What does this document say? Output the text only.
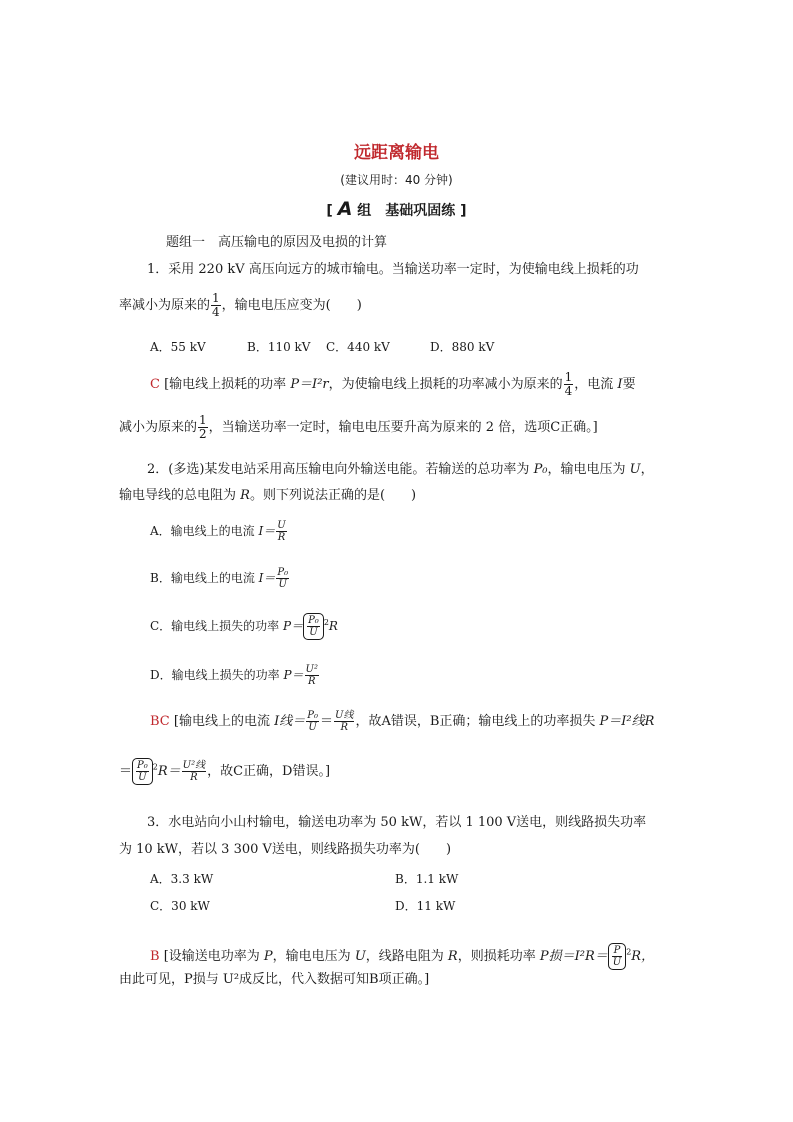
远距离输电
(建议用时：40 分钟)
[ A 组　基础巩固练 ]
题组一　高压输电的原因及电损的计算
1．采用 220 kV 高压向远方的城市输电。当输送功率一定时，为使输电线上损耗的功
率减小为原来的 $\frac{1}{4}$ ，输电电压应变为(　　)
A．55 kV	B．110 kV C．440 kV	D．880 kV
C [输电线上损耗的功率 P＝I²r，为使输电线上损耗的功率减小为原来的 $\frac{1}{4}$ ，电流 I要
减小为原来的 $\frac{1}{2}$ ，当输送功率一定时，输电电压要升高为原来的 2 倍，选项C正确。]
2．(多选)某发电站采用高压输电向外输送电能。若输送的总功率为 P₀，输电电压为 U，
输电导线的总电阻为 R。则下列说法正确的是(　　)
A．输电线上的电流 $I= \frac{U}{R}$
B．输电线上的电流 $I= \frac{\text{P₀}}{U}$
C．输电线上损失的功率 $P= \frac{\text{P₀}}{U} ^2R$
D．输电线上损失的功率 $P= \frac{\text{U²}}{R}$
BC [输电线上的电流 I线＝ $\frac{\text{P₀}}{U} = \frac{\text{U线}}{R}$ ，故A错误，B正确；输电线上的功率损失 P＝I²线R
＝ $\frac{\text{P₀}}{U} ^2R= \frac{\text{U²线}}{R}$ ，故C正确，D错误。]
3．水电站向小山村输电，输送电功率为 50 kW，若以 1 100 V送电，则线路损失功率
为 10 kW，若以 3 300 V送电，则线路损失功率为(　　)
A．3.3 kW	B．1.1 kW
C．30 kW	D．11 kW
B [设输送电功率为 P，输电电压为 U，线路电阻为 R，则损耗功率 P损$=I^2R= \frac{P}{U} ^2R$，
由此可见，P损与 U²成反比，代入数据可知B项正确。]
